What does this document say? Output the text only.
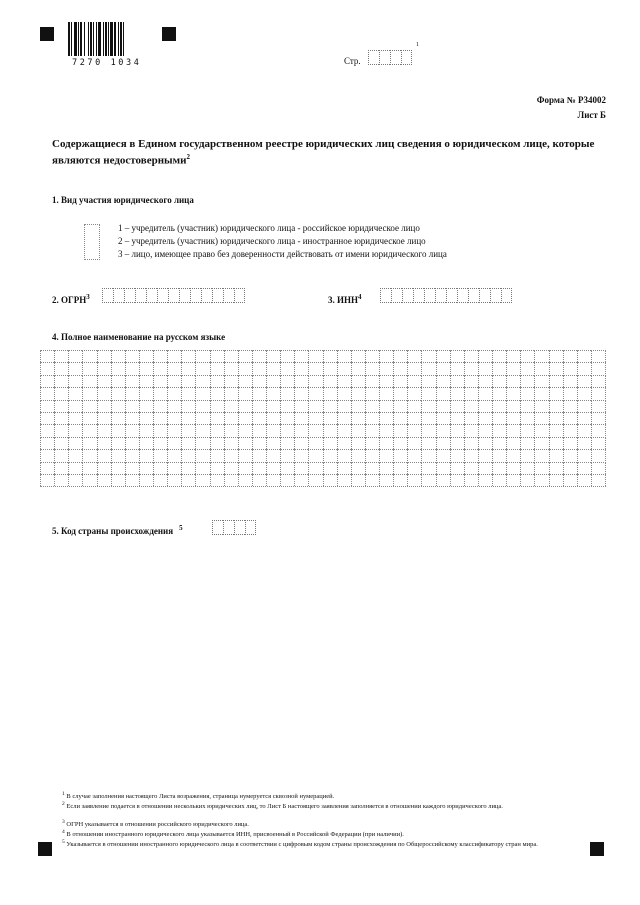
7270 1034	Стр.
1
Форма № Р34002
Лист Б
Содержащиеся в Едином государственном реестре юридических лиц сведения о юридическом лице, которые являются недостоверными$^2$
1. Вид участия юридического лица
1 – учредитель (участник) юридического лица - российское юридическое лицо
2 – учредитель (участник) юридического лица - иностранное юридическое лицо
3 – лицо, имеющее право без доверенности действовать от имени юридического лица
2. ОГРН$^3$	3. ИНН$^4$
4. Полное наименование на русском языке
5. Код страны происхождения $^5$
$^1$ В случае заполнения настоящего Листа возражения, страница нумеруется сквозной нумерацией.
$^2$ Если заявление подается в отношении нескольких юридических лиц, то Лист Б настоящего заявления заполняется в отношении каждого юридического лица.
$^3$ ОГРН указывается в отношении российского юридического лица.
$^4$ В отношении иностранного юридического лица указывается ИНН, присвоенный в Российской Федерации (при наличии).
$^5$ Указывается в отношении иностранного юридического лица в соответствии с цифровым кодом страны происхождения по Общероссийскому классификатору стран мира.
